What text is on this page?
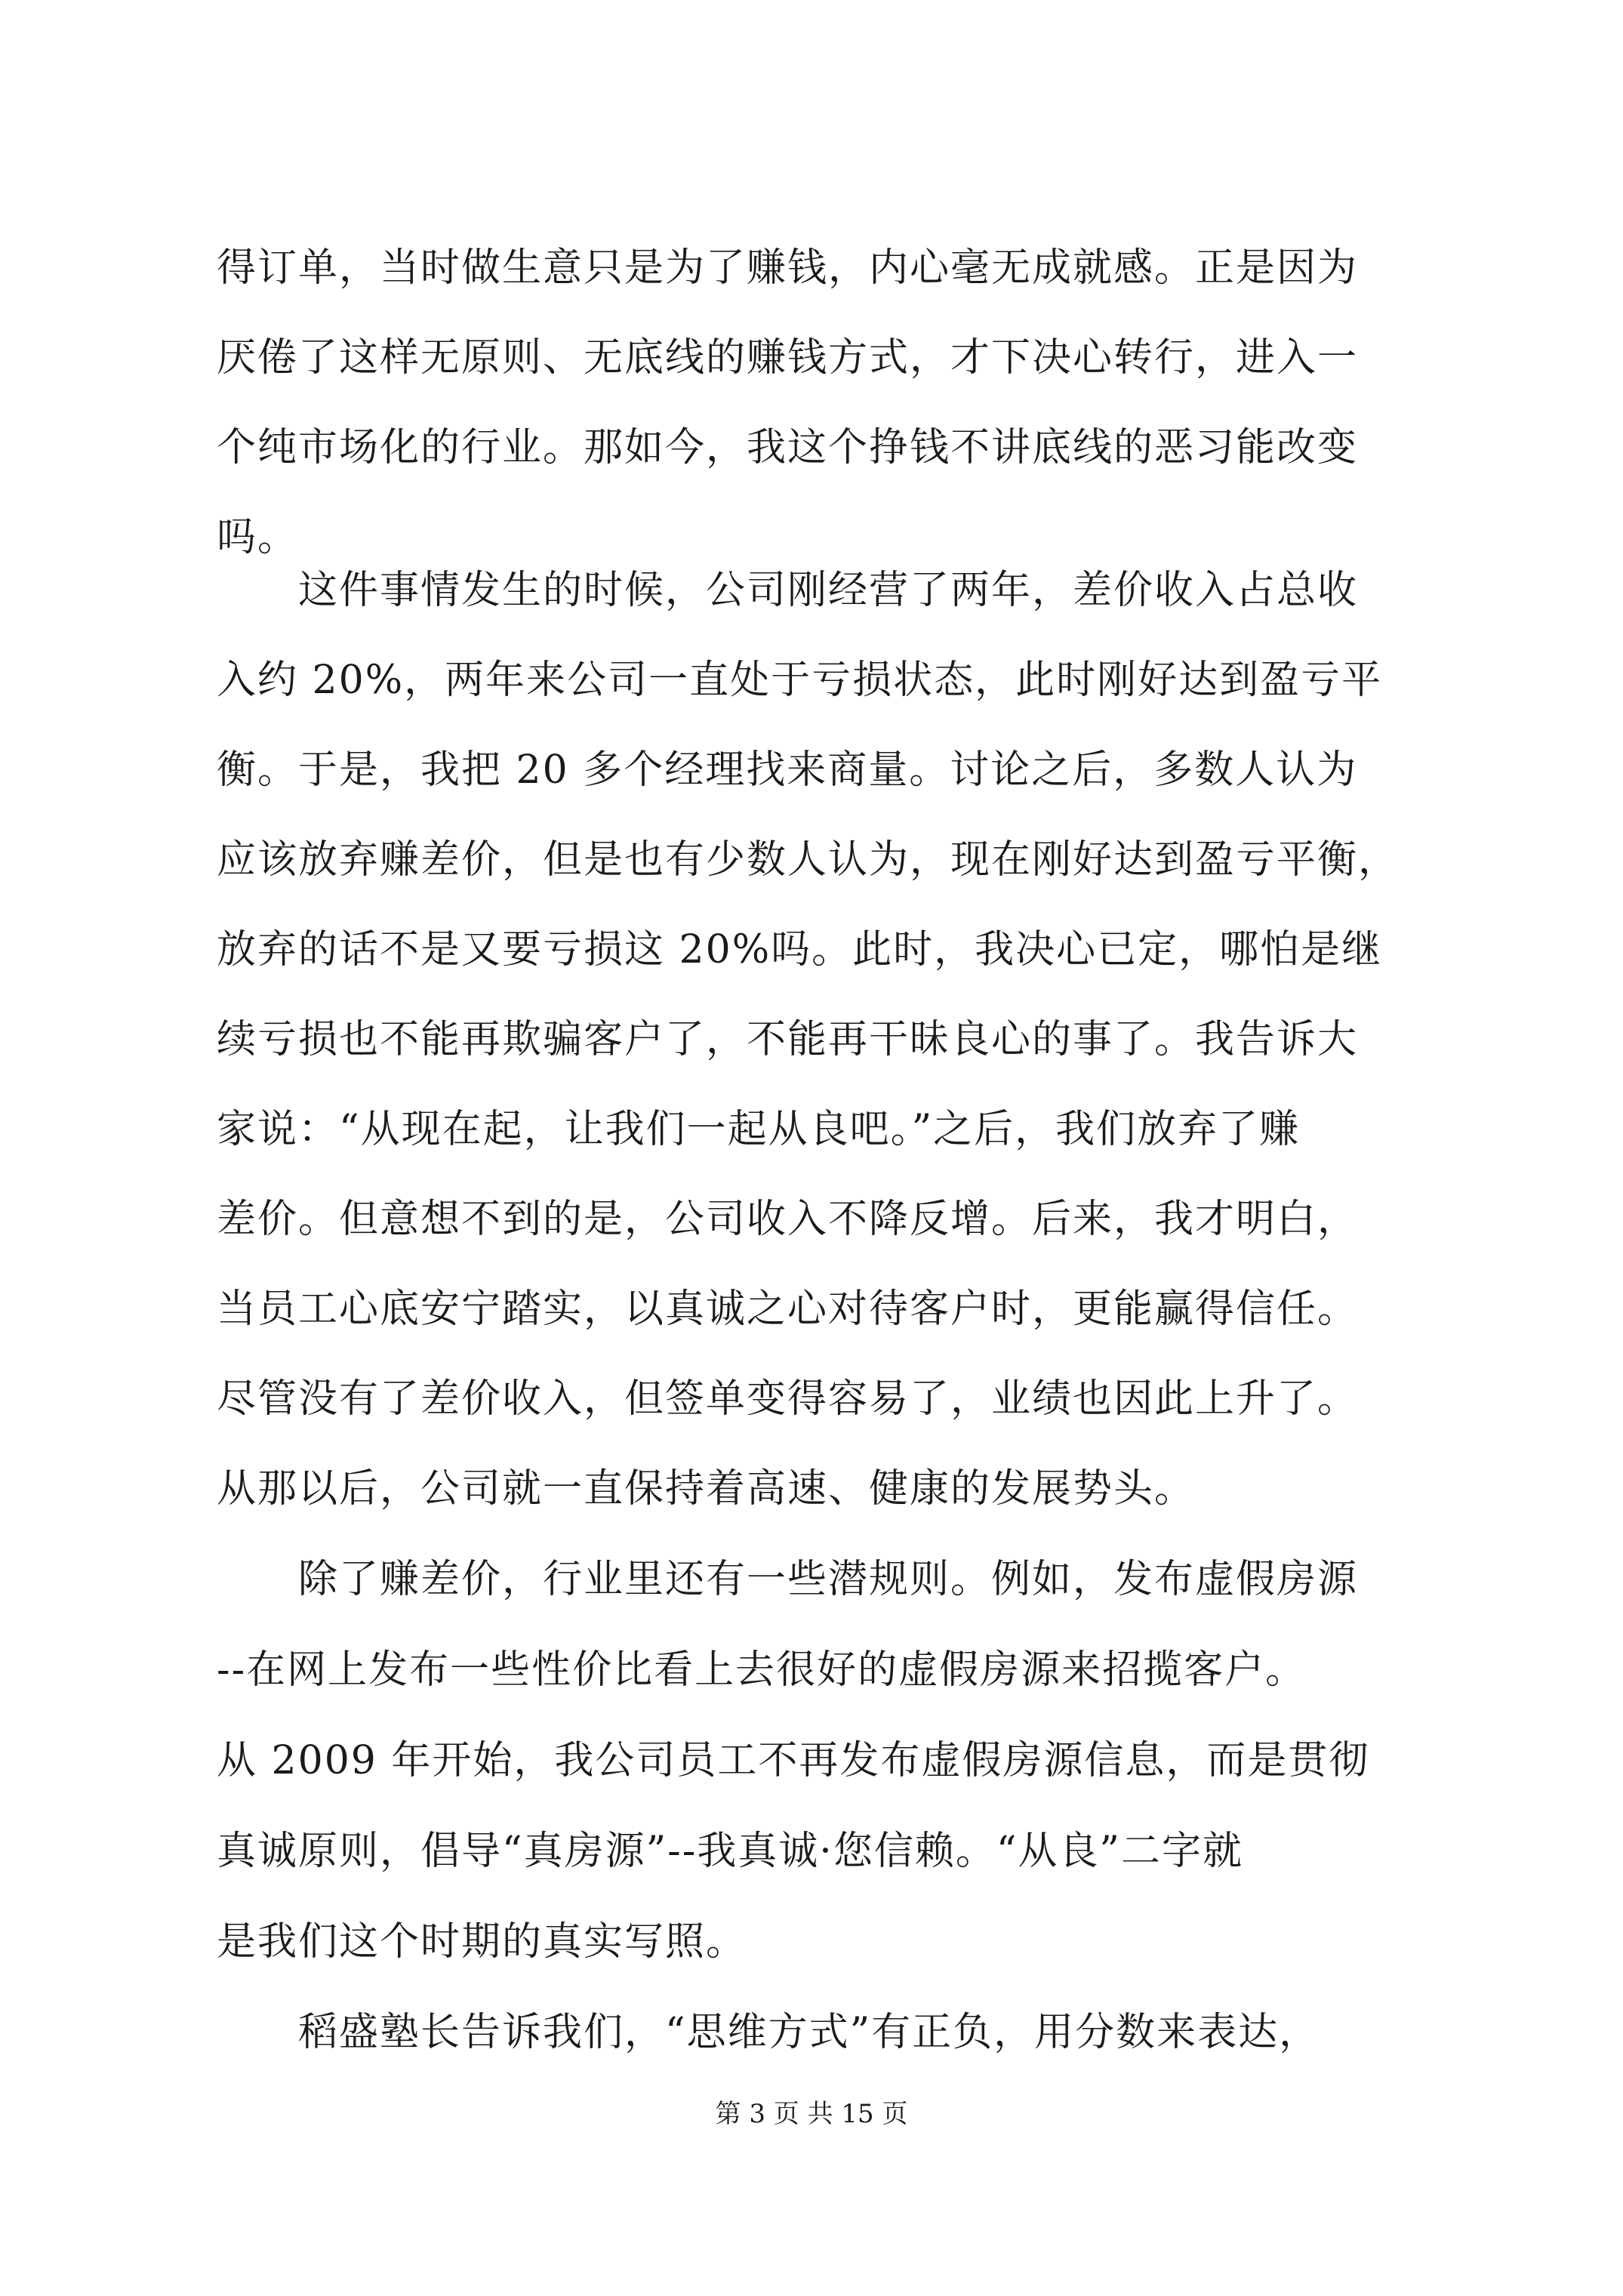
得订单，当时做生意只是为了赚钱，内心毫无成就感。正是因为
厌倦了这样无原则、无底线的赚钱方式，才下决心转行，进入一
个纯市场化的行业。那如今，我这个挣钱不讲底线的恶习能改变
吗。
　　这件事情发生的时候，公司刚经营了两年，差价收入占总收
入约 20%，两年来公司一直处于亏损状态，此时刚好达到盈亏平
衡。于是，我把 20 多个经理找来商量。讨论之后，多数人认为
应该放弃赚差价，但是也有少数人认为，现在刚好达到盈亏平衡，
放弃的话不是又要亏损这 20%吗。此时，我决心已定，哪怕是继
续亏损也不能再欺骗客户了，不能再干昧良心的事了。我告诉大
家说：“从现在起，让我们一起从良吧。”之后，我们放弃了赚
差价。但意想不到的是，公司收入不降反增。后来，我才明白，
当员工心底安宁踏实，以真诚之心对待客户时，更能赢得信任。
尽管没有了差价收入，但签单变得容易了，业绩也因此上升了。
从那以后，公司就一直保持着高速、健康的发展势头。
　　除了赚差价，行业里还有一些潜规则。例如，发布虚假房源
--在网上发布一些性价比看上去很好的虚假房源来招揽客户。
从 2009 年开始，我公司员工不再发布虚假房源信息，而是贯彻
真诚原则，倡导“真房源”--我真诚·您信赖。“从良”二字就
是我们这个时期的真实写照。
　　稻盛塾长告诉我们，“思维方式”有正负，用分数来表达，
第 3 页 共 15 页
